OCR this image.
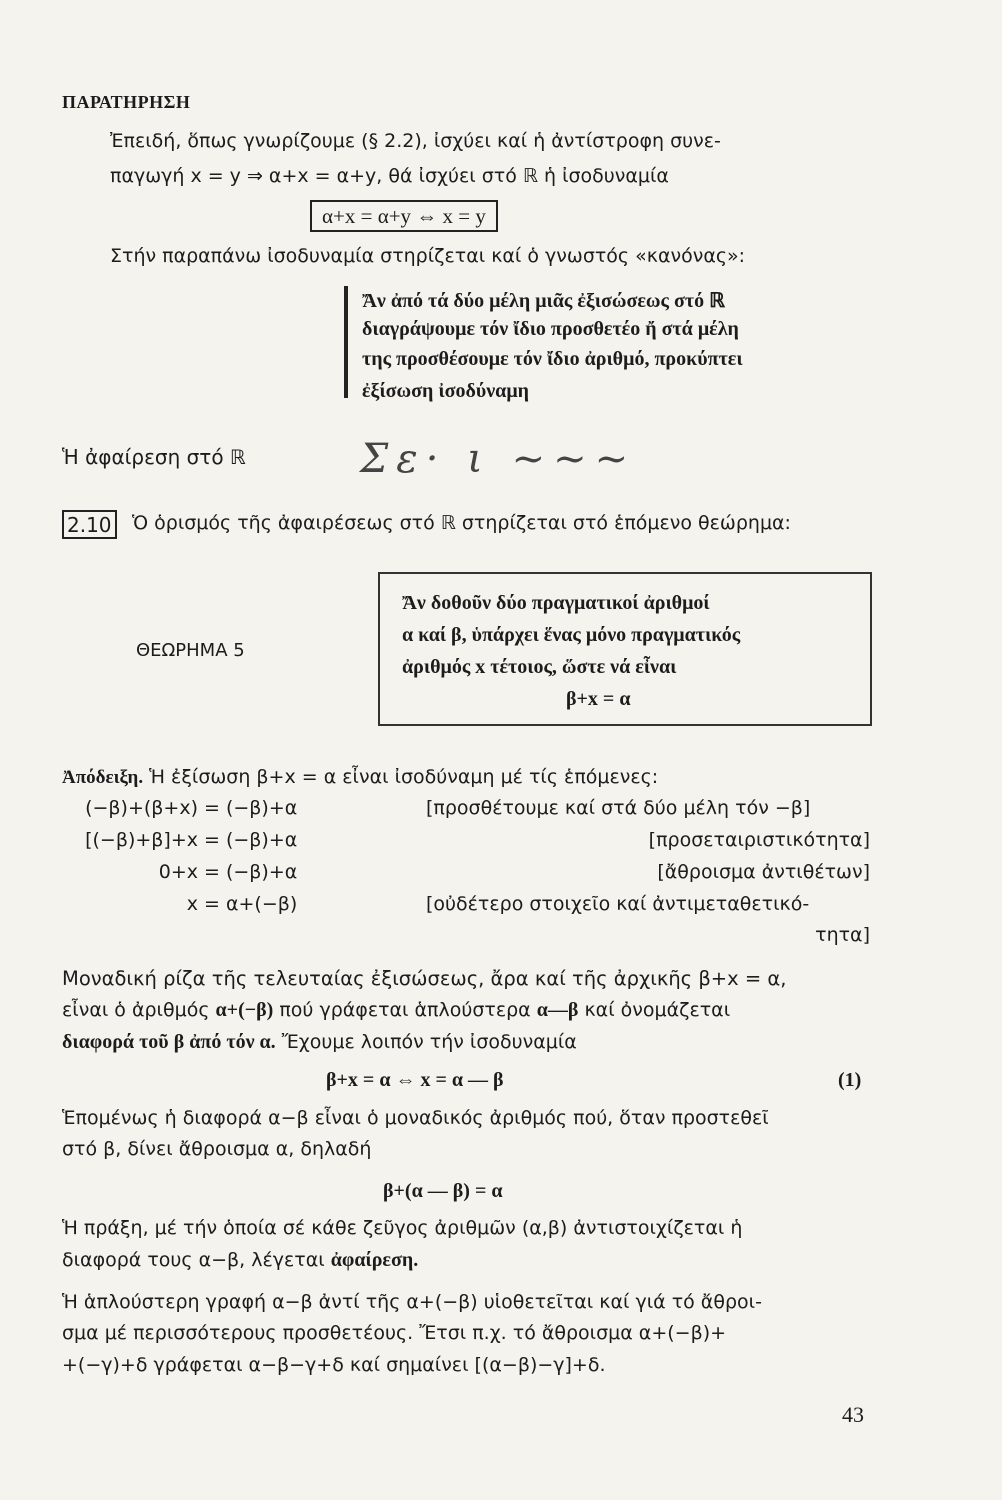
ΠΑΡΑΤΗΡΗΣΗ
Ἐπειδή, ὅπως γνωρίζουμε (§ 2.2), ἰσχύει καί ἡ ἀντίστροφη συνε-
παγωγή x = y ⇒ α+x = α+y, θά ἰσχύει στό ℝ ἡ ἰσοδυναμία
α+x = α+y ⇔ x = y
Στήν παραπάνω ἰσοδυναμία στηρίζεται καί ὁ γνωστός «κανόνας»:
Ἄν ἀπό τά δύο μέλη μιᾶς ἐξισώσεως στό ℝ
διαγράψουμε τόν ἴδιο προσθετέο ἤ στά μέλη
της προσθέσουμε τόν ἴδιο ἀριθμό, προκύπτει
ἐξίσωση ἰσοδύναμη
Ἡ ἀφαίρεση στό ℝ	Σε· ι ~~~
2.10 Ὁ ὁρισμός τῆς ἀφαιρέσεως στό ℝ στηρίζεται στό ἑπόμενο θεώρημα:
ΘΕΩΡΗΜΑ 5
Ἄν δοθοῦν δύο πραγματικοί ἀριθμοί
α καί β, ὑπάρχει ἕνας μόνο πραγματικός
ἀριθμός x τέτοιος, ὥστε νά εἶναι
β+x = α
Ἀπόδειξη. Ἡ ἐξίσωση β+x = α εἶναι ἰσοδύναμη μέ τίς ἑπόμενες:
(−β)+(β+x) = (−β)+α	[προσθέτουμε καί στά δύο μέλη τόν −β]
[(−β)+β]+x = (−β)+α	[προσεταιριστικότητα]
0+x = (−β)+α	[ἄθροισμα ἀντιθέτων]
x = α+(−β)	[οὐδέτερο στοιχεῖο καί ἀντιμεταθετικό-
τητα]
Μοναδική ρίζα τῆς τελευταίας ἐξισώσεως, ἄρα καί τῆς ἀρχικῆς β+x = α,
εἶναι ὁ ἀριθμός α+(−β) πού γράφεται ἁπλούστερα α—β καί ὀνομάζεται
διαφορά τοῦ β ἀπό τόν α. Ἔχουμε λοιπόν τήν ἰσοδυναμία
β+x = α ⇔ x = α — β	(1)
Ἑπομένως ἡ διαφορά α−β εἶναι ὁ μοναδικός ἀριθμός πού, ὅταν προστεθεῖ
στό β, δίνει ἄθροισμα α, δηλαδή
β+(α — β) = α
Ἡ πράξη, μέ τήν ὁποία σέ κάθε ζεῦγος ἀριθμῶν (α,β) ἀντιστοιχίζεται ἡ
διαφορά τους α−β, λέγεται ἀφαίρεση.
Ἡ ἁπλούστερη γραφή α−β ἀντί τῆς α+(−β) υἱοθετεῖται καί γιά τό ἄθροι-
σμα μέ περισσότερους προσθετέους. Ἔτσι π.χ. τό ἄθροισμα α+(−β)+
+(−γ)+δ γράφεται α−β−γ+δ καί σημαίνει [(α−β)−γ]+δ.
43
